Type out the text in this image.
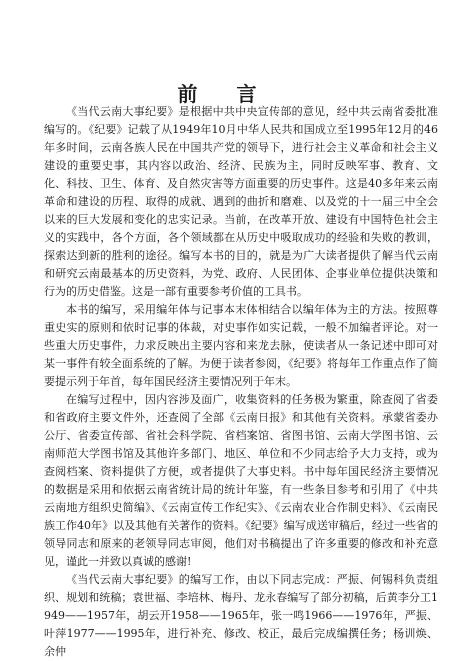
前 言

《当代云南大事纪要》是根据中共中央宣传部的意见，经中共云南省委批准编写的。《纪要》记载了从1949年10月中华人民共和国成立至1995年12月的46年多时间，云南各族人民在中国共产党的领导下，进行社会主义革命和社会主义建设的重要史事，其内容以政治、经济、民族为主，同时反映军事、教育、文化、科技、卫生、体育、及自然灾害等方面重要的历史事件。这是40多年来云南革命和建设的历程、取得的成就、遇到的曲折和磨难、以及党的十一届三中全会以来的巨大发展和变化的忠实记录。当前，在改革开放、建设有中国特色社会主义的实践中，各个方面，各个领域都在从历史中吸取成功的经验和失败的教训，探索达到新的胜利的途径。编写本书的目的，就是为广大读者提供了解当代云南和研究云南最基本的历史资料，为党、政府、人民团体、企事业单位提供决策和行为的历史借鉴。这是一部有重要参考价值的工具书。

本书的编写，采用编年体与记事本末体相结合以编年体为主的方法。按照尊重史实的原则和依时记事的体裁，对史事作如实记载，一般不加编者评论。对一些重大历史事件，力求反映出主要内容和来龙去脉，使读者从一条记述中即可对某一事件有较全面系统的了解。为便于读者参阅，《纪要》将每年工作重点作了简要提示列于年首，每年国民经济主要情况列于年末。

在编写过程中，因内容涉及面广，收集资料的任务极为繁重，除查阅了省委和省政府主要文件外，还查阅了全部《云南日报》和其他有关资料。承蒙省委办公厅、省委宣传部、省社会科学院、省档案馆、省图书馆、云南大学图书馆、云南师范大学图书馆及其他许多部门、地区、单位和不少同志给予大力支持，或为查阅档案、资料提供了方便，或者提供了大事史料。书中每年国民经济主要情况的数据是采用和依据云南省统计局的统计年鉴，有一些条目参考和引用了《中共云南地方组织史简编》、《云南宣传工作纪实》、《云南农业合作制史料》、《云南民族工作40年》以及其他有关著作的资料。《纪要》编写成送审稿后，经过一些省的领导同志和原来的老领导同志审阅，他们对书稿提出了许多重要的修改和补充意见，谨此一并致以真诚的感谢!

《当代云南大事纪要》的编写工作，由以下同志完成：严振、何锡科负责组织、规划和统稿；袁世福、李培林、梅丹、龙永春编写了部分初稿，后黄李分工1949——1957年，胡云开1958——1965年，张一鸣1966——1976年，严振、叶萍1977——1995年，进行补充、修改、校正，最后完成编撰任务；杨训焕、余仲
